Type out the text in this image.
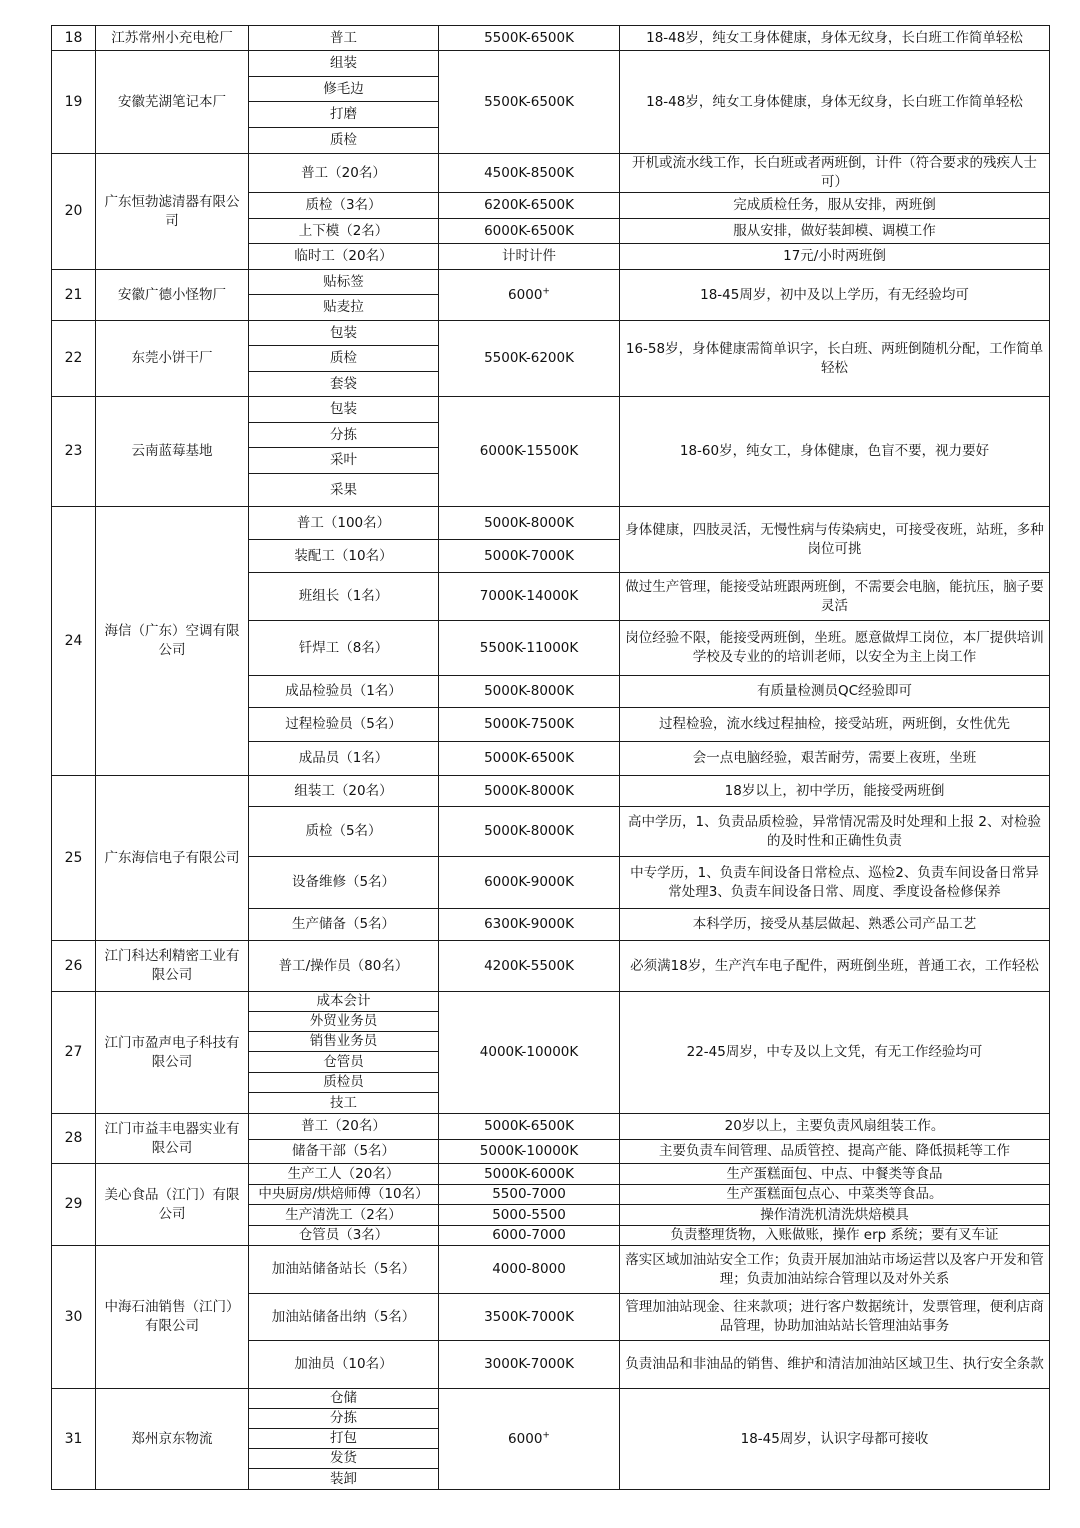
18	江苏常州小充电枪厂	普工	5500K-6500K	18-48岁，纯女工身体健康，身体无纹身，长白班工作简单轻松
19	安徽芜湖笔记本厂	组装	5500K-6500K	18-48岁，纯女工身体健康，身体无纹身，长白班工作简单轻松
		修毛边		
		打磨		
		质检		
20	广东恒勃滤清器有限公司	普工（20名）	4500K-8500K	开机或流水线工作，长白班或者两班倒，计件（符合要求的残疾人士可）
		质检（3名）	6200K-6500K	完成质检任务，服从安排，两班倒
		上下模（2名）	6000K-6500K	服从安排，做好装卸模、调模工作
		临时工（20名）	计时计件	17元/小时两班倒
21	安徽广德小怪物厂	贴标签	6000+	18-45周岁，初中及以上学历，有无经验均可
		贴麦拉		
22	东莞小饼干厂	包装	5500K-6200K	16-58岁，身体健康需简单识字，长白班、两班倒随机分配，工作简单轻松
		质检		
		套袋		
23	云南蓝莓基地	包装	6000K-15500K	18-60岁，纯女工，身体健康，色盲不要，视力要好
		分拣		
		采叶		
		采果		
24	海信（广东）空调有限公司	普工（100名）	5000K-8000K	身体健康，四肢灵活，无慢性病与传染病史，可接受夜班，站班，多种岗位可挑
		装配工（10名）	5000K-7000K	
		班组长（1名）	7000K-14000K	做过生产管理，能接受站班跟两班倒，不需要会电脑，能抗压，脑子要灵活
		钎焊工（8名）	5500K-11000K	岗位经验不限，能接受两班倒，坐班。愿意做焊工岗位，本厂提供培训学校及专业的的培训老师，以安全为主上岗工作
		成品检验员（1名）	5000K-8000K	有质量检测员QC经验即可
		过程检验员（5名）	5000K-7500K	过程检验，流水线过程抽检，接受站班，两班倒，女性优先
		成品员（1名）	5000K-6500K	会一点电脑经验，艰苦耐劳，需要上夜班，坐班
25	广东海信电子有限公司	组装工（20名）	5000K-8000K	18岁以上，初中学历，能接受两班倒
		质检（5名）	5000K-8000K	高中学历，1、负责品质检验，异常情况需及时处理和上报 2、对检验的及时性和正确性负责
		设备维修（5名）	6000K-9000K	中专学历，1、负责车间设备日常检点、巡检2、负责车间设备日常异常处理3、负责车间设备日常、周度、季度设备检修保养
		生产储备（5名）	6300K-9000K	本科学历，接受从基层做起、熟悉公司产品工艺
26	江门科达利精密工业有限公司	普工/操作员（80名）	4200K-5500K	必须满18岁，生产汽车电子配件，两班倒坐班，普通工衣，工作轻松
27	江门市盈声电子科技有限公司	成本会计	4000K-10000K	22-45周岁，中专及以上文凭，有无工作经验均可
		外贸业务员		
		销售业务员		
		仓管员		
		质检员		
		技工		
28	江门市益丰电器实业有限公司	普工（20名）	5000K-6500K	20岁以上，主要负责风扇组装工作。
		储备干部（5名）	5000K-10000K	主要负责车间管理、品质管控、提高产能、降低损耗等工作
29	美心食品（江门）有限公司	生产工人（20名）	5000K-6000K	生产蛋糕面包、中点、中餐类等食品
		中央厨房/烘焙师傅（10名）	5500-7000	生产蛋糕面包点心、中菜类等食品。
		生产清洗工（2名）	5000-5500	操作清洗机清洗烘焙模具
		仓管员（3名）	6000-7000	负责整理货物，入账做账，操作 erp 系统；要有叉车证
30	中海石油销售（江门）有限公司	加油站储备站长（5名）	4000-8000	落实区域加油站安全工作；负责开展加油站市场运营以及客户开发和管理；负责加油站综合管理以及对外关系
		加油站储备出纳（5名）	3500K-7000K	管理加油站现金、往来款项；进行客户数据统计，发票管理，便利店商品管理，协助加油站站长管理油站事务
		加油员（10名）	3000K-7000K	负责油品和非油品的销售、维护和清洁加油站区域卫生、执行安全条款
31	郑州京东物流	仓储	6000+	18-45周岁，认识字母都可接收
		分拣		
		打包		
		发货		
		装卸		
